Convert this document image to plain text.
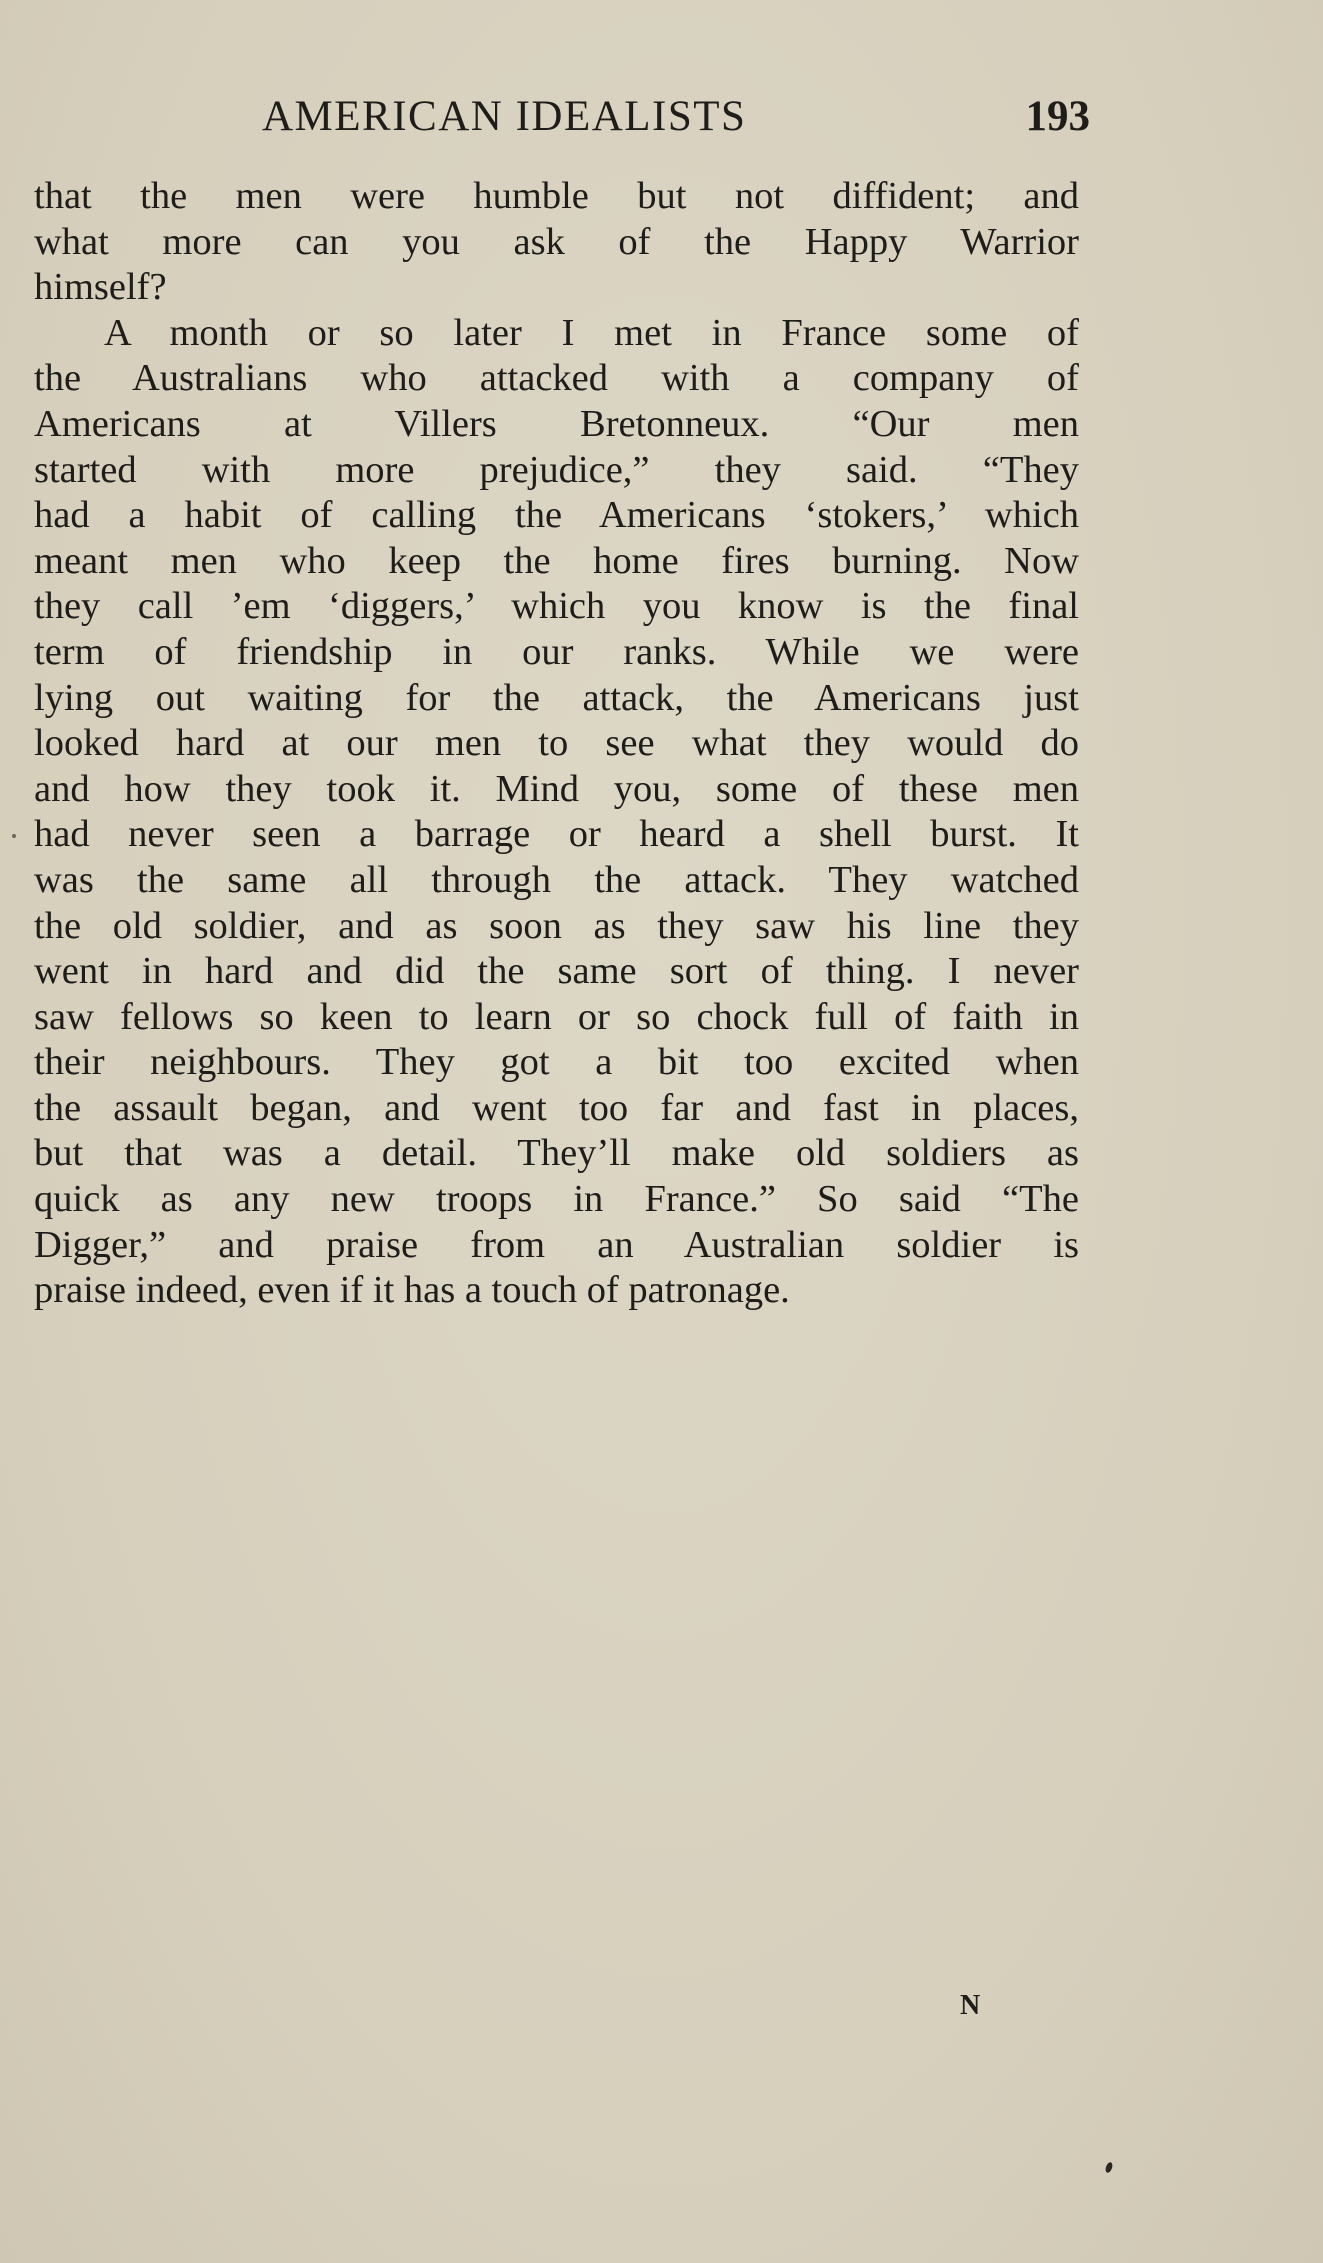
AMERICAN IDEALISTS	193
that the men were humble but not diffident; and
what more can you ask of the Happy Warrior
himself?
A month or so later I met in France some of
the Australians who attacked with a company of
Americans at Villers Bretonneux. “Our men
started with more prejudice,” they said. “They
had a habit of calling the Americans ‘stokers,’ which
meant men who keep the home fires burning. Now
they call ’em ‘diggers,’ which you know is the final
term of friendship in our ranks. While we were
lying out waiting for the attack, the Americans just
looked hard at our men to see what they would do
and how they took it. Mind you, some of these men
had never seen a barrage or heard a shell burst. It
was the same all through the attack. They watched
the old soldier, and as soon as they saw his line they
went in hard and did the same sort of thing. I never
saw fellows so keen to learn or so chock full of faith in
their neighbours. They got a bit too excited when
the assault began, and went too far and fast in places,
but that was a detail. They’ll make old soldiers as
quick as any new troops in France.” So said “The
Digger,” and praise from an Australian soldier is
praise indeed, even if it has a touch of patronage.
N
